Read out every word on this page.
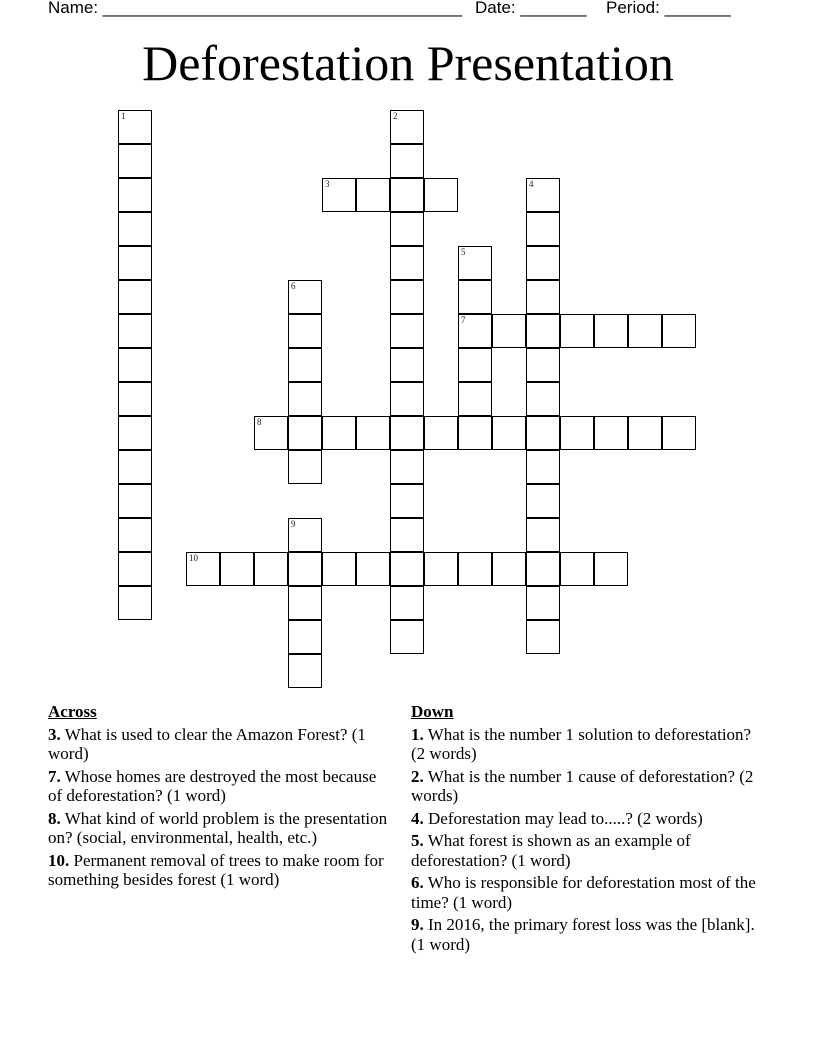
Name: ______________________________________ Date: _______ Period: _______
Deforestation Presentation
1	2
3	4
5
7
6
8
9
10
Across
3. What is used to clear the Amazon Forest? (1 word)
7. Whose homes are destroyed the most because of deforestation? (1 word)
8. What kind of world problem is the presentation on? (social, environmental, health, etc.)
10. Permanent removal of trees to make room for something besides forest (1 word)
Down
1. What is the number 1 solution to deforestation? (2 words)
2. What is the number 1 cause of deforestation? (2 words)
4. Deforestation may lead to.....? (2 words)
5. What forest is shown as an example of deforestation? (1 word)
6. Who is responsible for deforestation most of the time? (1 word)
9. In 2016, the primary forest loss was the [blank]. (1 word)
